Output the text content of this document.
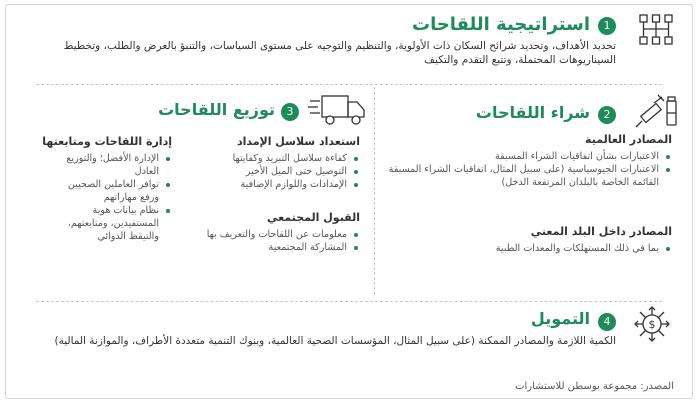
1
استراتيجية اللقاحات
تحديد الأهداف، وتحديد شرائح السكان ذات الأولوية، والتنظيم والتوجيه على مستوى السياسات، والتنبؤ بالعرض والطلب، وتخطيط السيناريوهات المحتملة، وتتبع التقدم والتكيف
2
شراء اللقاحات
المصادر العالمية
الاعتبارات بشأن اتفاقيات الشراء المسبقة
الاعتبارات الجيوسياسية (على سبيل المثال، اتفاقيات الشراء المسبقة القائمة الخاصة بالبلدان المرتفعة الدخل)
المصادر داخل البلد المعني
بما في ذلك المستهلكات والمعدات الطبية
3
توزيع اللقاحات
استعداد سلاسل الإمداد
كفاءة سلاسل التبريد وكفايتها
التوصيل حتى الميل الأخير
الإمدادات واللوازم الإضافية
القبول المجتمعي
معلومات عن اللقاحات والتعريف بها
المشاركة المجتمعية
إدارة اللقاحات ومتابعتها
الإدارة الأفضل؛ والتوزيع العادل
توافر العاملين الصحيين ورفع مهاراتهم
نظام بيانات هوية المستفيدين، ومتابعتهم، والتيقظ الدوائي
$
4
التمويل
الكمية اللازمة والمصادر الممكنة (على سبيل المثال، المؤسسات الصحية العالمية، وبنوك التنمية متعددة الأطراف، والموازنة المالية)
المصدر: مجموعة بوسطن للاستشارات
